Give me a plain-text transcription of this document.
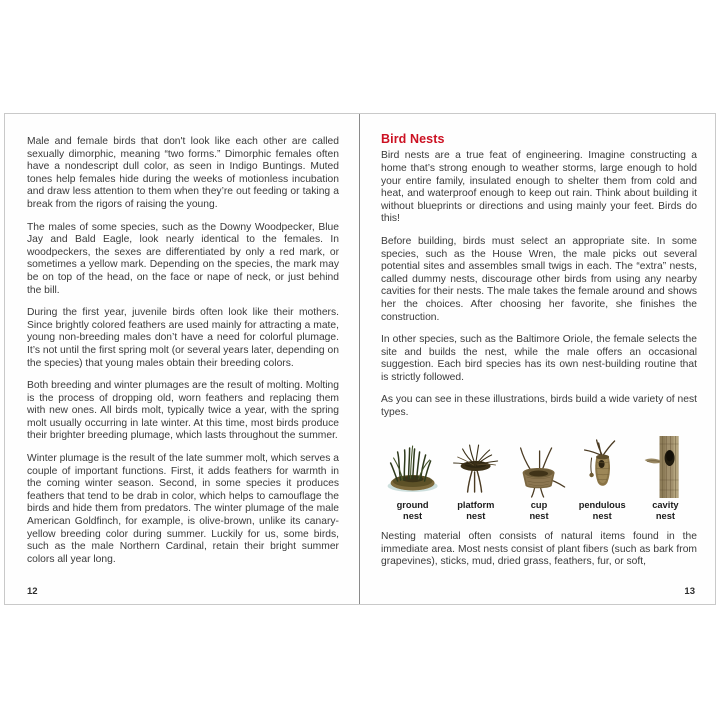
Male and female birds that don't look like each other are called sexually dimorphic, meaning “two forms.” Dimorphic females often have a nondescript dull color, as seen in Indigo Buntings. Muted tones help females hide during the weeks of motionless incubation and draw less attention to them when they’re out feeding or taking a break from the rigors of raising the young.

The males of some species, such as the Downy Woodpecker, Blue Jay and Bald Eagle, look nearly identical to the females. In woodpeckers, the sexes are differentiated by only a red mark, or sometimes a yellow mark. Depending on the species, the mark may be on top of the head, on the face or nape of neck, or just behind the bill.

During the first year, juvenile birds often look like their mothers. Since brightly colored feathers are used mainly for attracting a mate, young non-breeding males don’t have a need for colorful plumage. It’s not until the first spring molt (or several years later, depending on the species) that young males obtain their breeding colors.

Both breeding and winter plumages are the result of molting. Molting is the process of dropping old, worn feathers and replacing them with new ones. All birds molt, typically twice a year, with the spring molt usually occurring in late winter. At this time, most birds produce their brighter breeding plumage, which lasts throughout the summer.

Winter plumage is the result of the late summer molt, which serves a couple of important functions. First, it adds feathers for warmth in the coming winter season. Second, in some species it produces feathers that tend to be drab in color, which helps to camouflage the birds and hide them from predators. The winter plumage of the male American Goldfinch, for example, is olive-brown, unlike its canary-yellow breeding color during summer. Luckily for us, some birds, such as the male Northern Cardinal, retain their bright summer colors all year long.

12
Bird Nests

Bird nests are a true feat of engineering. Imagine constructing a home that’s strong enough to weather storms, large enough to hold your entire family, insulated enough to shelter them from cold and heat, and waterproof enough to keep out rain. Think about building it without blueprints or directions and using mainly your feet. Birds do this!

Before building, birds must select an appropriate site. In some species, such as the House Wren, the male picks out several potential sites and assembles small twigs in each. The “extra” nests, called dummy nests, discourage other birds from using any nearby cavities for their nests. The male takes the female around and shows her the choices. After choosing her favorite, she finishes the construction.

In other species, such as the Baltimore Oriole, the female selects the site and builds the nest, while the male offers an occasional suggestion. Each bird species has its own nest-building routine that is strictly followed.

As you can see in these illustrations, birds build a wide variety of nest types.

ground
nest
platform
nest
cup
nest
pendulous
nest
cavity
nest

Nesting material often consists of natural items found in the immediate area. Most nests consist of plant fibers (such as bark from grapevines), sticks, mud, dried grass, feathers, fur, or soft,

13
